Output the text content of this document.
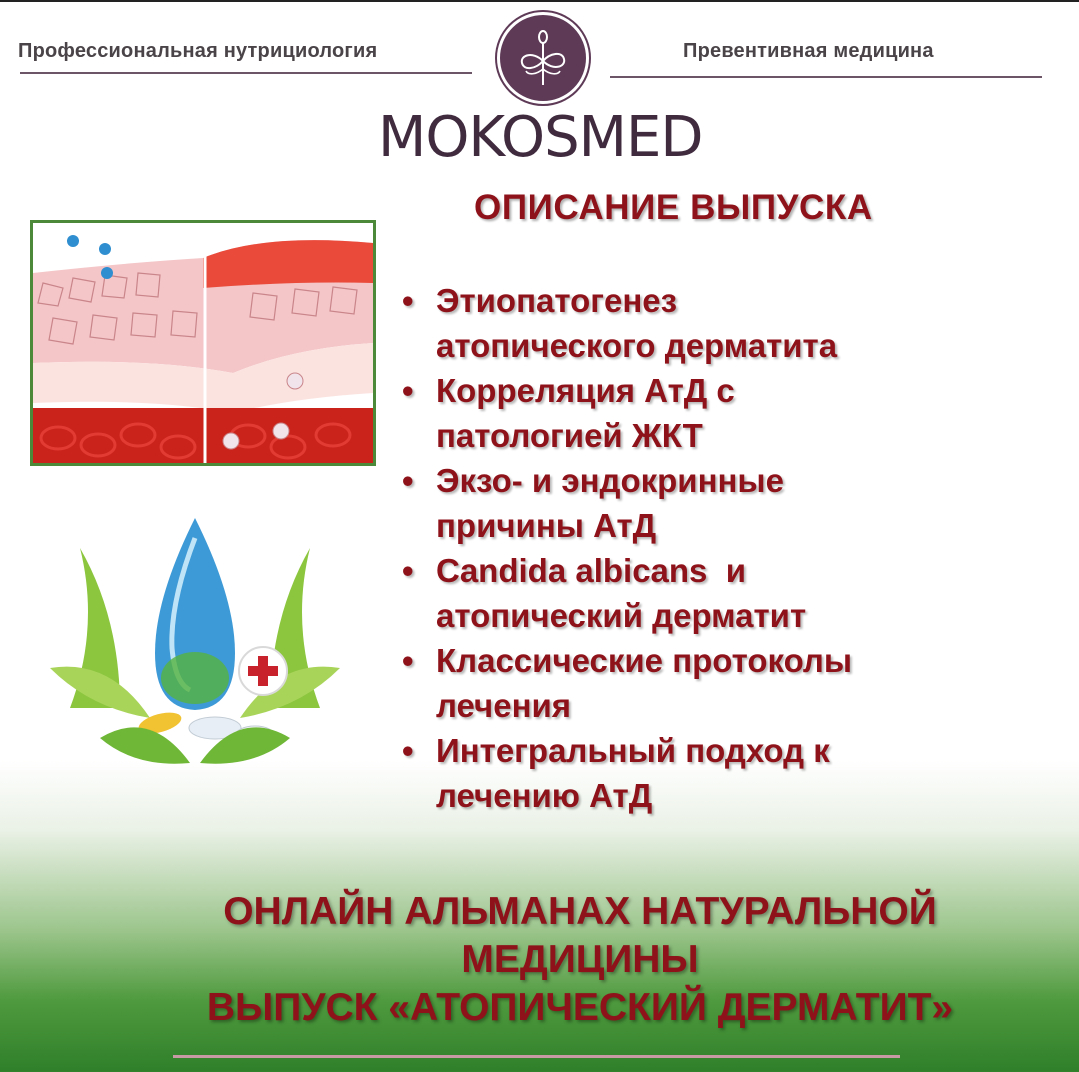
Профессиональная нутрициология	Превентивная медицина
MOKOSMED
ОПИСАНИЕ ВЫПУСКА
• Этиопатогенез
атопического дерматита
• Корреляция АтД с
патологией ЖКТ
• Экзо- и эндокринные
причины АтД
• Candida albicans  и
атопический дерматит
• Классические протоколы
лечения
• Интегральный подход к
лечению АтД
ОНЛАЙН АЛЬМАНАХ НАТУРАЛЬНОЙ
МЕДИЦИНЫ
ВЫПУСК «АТОПИЧЕСКИЙ ДЕРМАТИТ»
